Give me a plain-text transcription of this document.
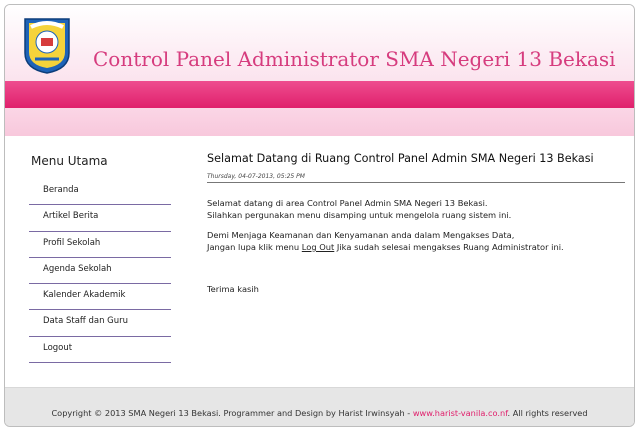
Control Panel Administrator SMA Negeri 13 Bekasi
Menu Utama
Beranda
Artikel Berita
Profil Sekolah
Agenda Sekolah
Kalender Akademik
Data Staff dan Guru
Logout
Selamat Datang di Ruang Control Panel Admin SMA Negeri 13 Bekasi
Thursday, 04-07-2013, 05:25 PM

Selamat datang di area Control Panel Admin SMA Negeri 13 Bekasi.
Silahkan pergunakan menu disamping untuk mengelola ruang sistem ini.

Demi Menjaga Keamanan dan Kenyamanan anda dalam Mengakses Data,
Jangan lupa klik menu Log Out Jika sudah selesai mengakses Ruang Administrator ini.

Terima kasih
Copyright © 2013 SMA Negeri 13 Bekasi. Programmer and Design by Harist Irwinsyah - www.harist-vanila.co.nf. All rights reserved
